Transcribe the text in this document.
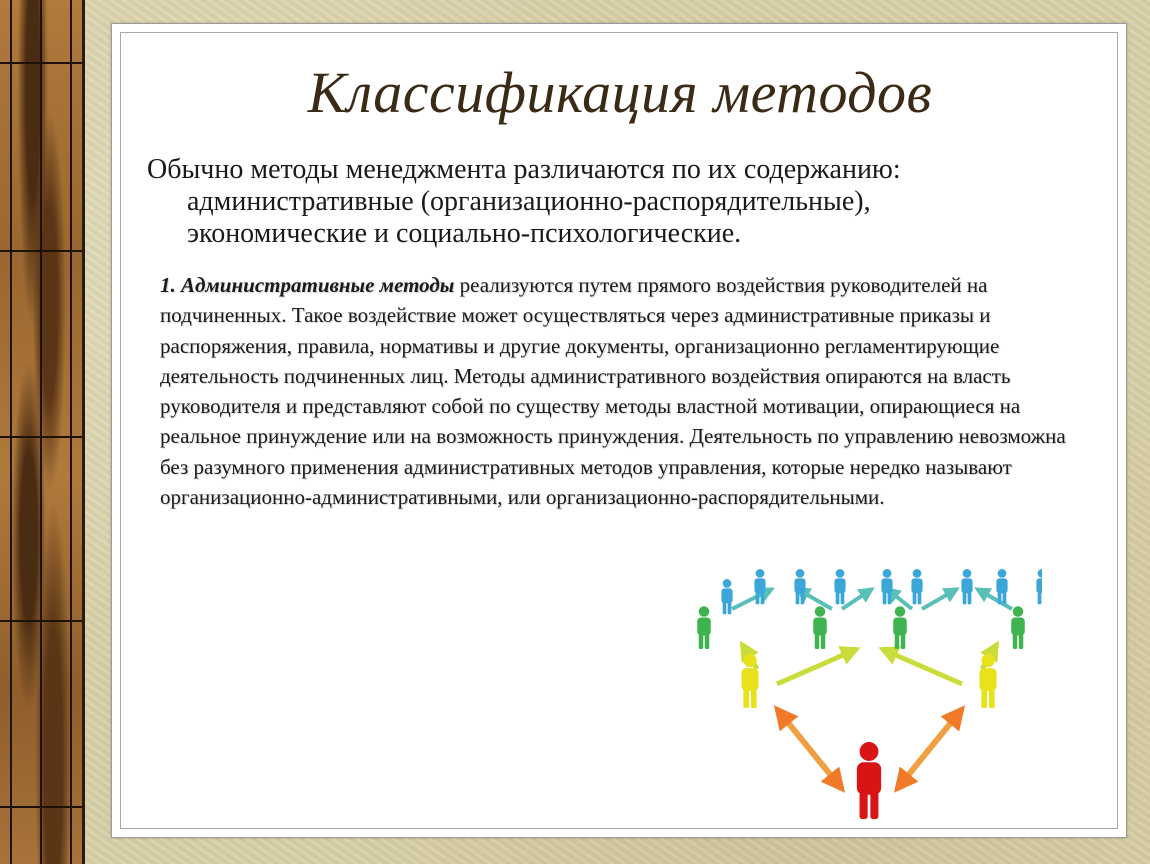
Классификация методов

Обычно методы менеджмента различаются по их содержанию:
административные (организационно-распорядительные),
экономические и социально-психологические.

1. Административные методы реализуются путем прямого воздействия руководителей на подчиненных. Такое воздействие может осуществляться через административные приказы и распоряжения, правила, нормативы и другие документы, организационно регламентирующие деятельность подчиненных лиц. Методы административного воздействия опираются на власть руководителя и представляют собой по существу методы властной мотивации, опирающиеся на реальное принуждение или на возможность принуждения. Деятельность по управлению невозможна без разумного применения административных методов управления, которые нередко называют организационно-административными, или организационно-распорядительными.
